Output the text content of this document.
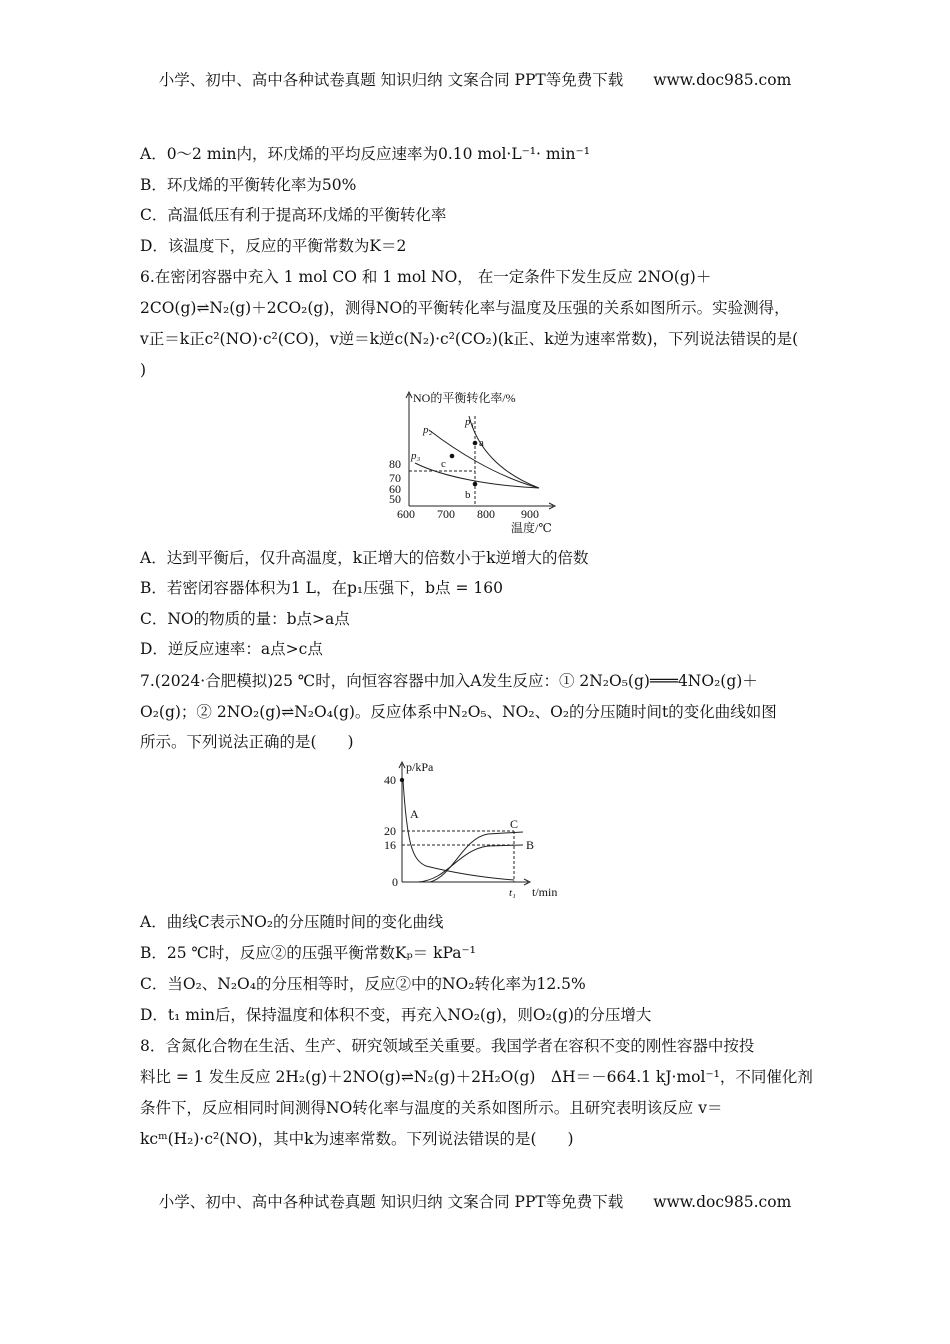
小学、初中、高中各种试卷真题 知识归纳 文案合同 PPT等免费下载 www.doc985.com
A．0～2 min内，环戊烯的平均反应速率为0.10 mol·L⁻¹· min⁻¹
B．环戊烯的平衡转化率为50%
C．高温低压有利于提高环戊烯的平衡转化率
D．该温度下，反应的平衡常数为K＝2
6.在密闭容器中充入 1 mol CO 和 1 mol NO， 在一定条件下发生反应 2NO(g)＋
2CO(g)⇌N₂(g)＋2CO₂(g)，测得NO的平衡转化率与温度及压强的关系如图所示。实验测得，
v正＝k正c²(NO)·c²(CO)，v逆＝k逆c(N₂)·c²(CO₂)(k正、k逆为速率常数)，下列说法错误的是(
)
NO的平衡转化率/%
80
70
60
50
600 700 800 900
温度/℃
p₁
p₂
p₃
a
c
b
A．达到平衡后，仅升高温度，k正增大的倍数小于k逆增大的倍数
B．若密闭容器体积为1 L，在p₁压强下，b点 = 160
C．NO的物质的量：b点>a点
D．逆反应速率：a点>c点
7.(2024·合肥模拟)25 ℃时，向恒容容器中加入A发生反应：① 2N₂O₅(g)═══4NO₂(g)＋
O₂(g)；② 2NO₂(g)⇌N₂O₄(g)。反应体系中N₂O₅、NO₂、O₂的分压随时间t的变化曲线如图
所示。下列说法正确的是(　　)
p/kPa
40
20
16
0
A
C
B
t₁ t/min
A．曲线C表示NO₂的分压随时间的变化曲线
B．25 ℃时，反应②的压强平衡常数Kₚ＝ kPa⁻¹
C．当O₂、N₂O₄的分压相等时，反应②中的NO₂转化率为12.5%
D．t₁ min后，保持温度和体积不变，再充入NO₂(g)，则O₂(g)的分压增大
8．含氮化合物在生活、生产、研究领域至关重要。我国学者在容积不变的刚性容器中按投
料比 = 1 发生反应 2H₂(g)＋2NO(g)⇌N₂(g)＋2H₂O(g)　ΔH＝－664.1 kJ·mol⁻¹，不同催化剂
条件下，反应相同时间测得NO转化率与温度的关系如图所示。且研究表明该反应 v＝
kcᵐ(H₂)·c²(NO)，其中k为速率常数。下列说法错误的是(　　)
小学、初中、高中各种试卷真题 知识归纳 文案合同 PPT等免费下载 www.doc985.com
